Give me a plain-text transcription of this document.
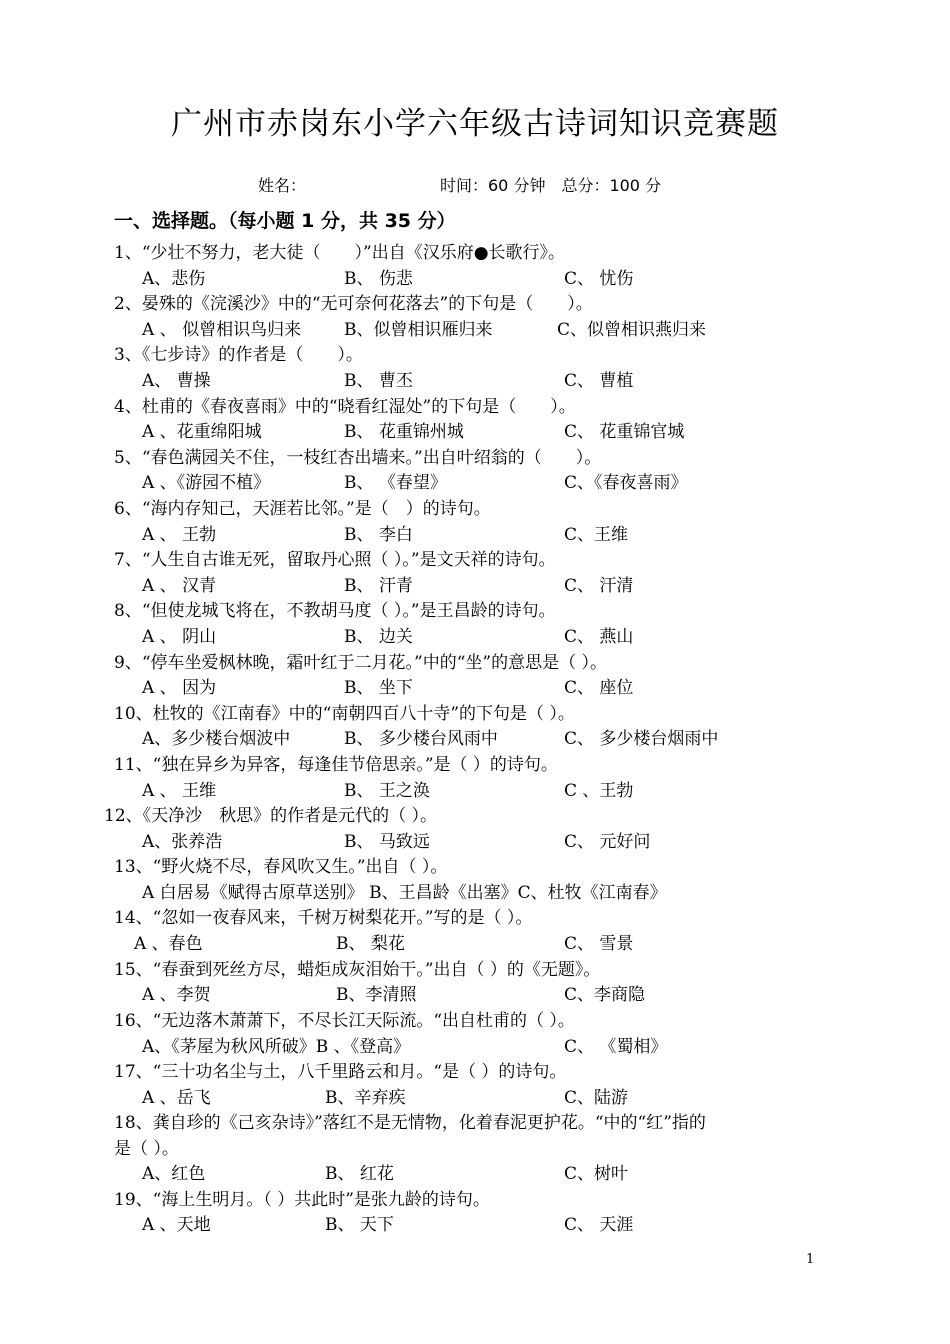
广州市赤岗东小学六年级古诗词知识竞赛题
姓名：	时间：60 分钟　总分：100 分
一、选择题。（每小题 1 分，共 35 分）
1、“少壮不努力，老大徒（　　）”出自《汉乐府●长歌行》。
A、悲伤	B、 伤悲	C、 忧伤
2、晏殊的《浣溪沙》中的“无可奈何花落去”的下句是（　　）。
A 、 似曾相识鸟归来	B、似曾相识雁归来	C、似曾相识燕归来
3、《七步诗》的作者是（　　）。
A、 曹操	B、 曹丕	C、 曹植
4、杜甫的《春夜喜雨》中的“晓看红湿处”的下句是（　　）。
A 、花重绵阳城	B、 花重锦州城	C、 花重锦官城
5、“春色满园关不住，一枝红杏出墙来。”出自叶绍翁的（　　）。
A 、《游园不植》	B、 《春望》	C、《春夜喜雨》
6、“海内存知己，天涯若比邻。”是（　）的诗句。
A 、 王勃	B、 李白	C、王维
7、“人生自古谁无死，留取丹心照（ ）。”是文天祥的诗句。
A 、 汉青	B、 汗青	C、 汗清
8、“但使龙城飞将在，不教胡马度（ ）。”是王昌龄的诗句。
A 、 阴山	B、 边关	C、 燕山
9、“停车坐爱枫林晚，霜叶红于二月花。”中的“坐”的意思是（ ）。
A 、 因为	B、 坐下	C、 座位
10、杜牧的《江南春》中的“南朝四百八十寺”的下句是（ ）。
A、多少楼台烟波中	B、 多少楼台风雨中	C、 多少楼台烟雨中
11、“独在异乡为异客，每逢佳节倍思亲。”是（ ）的诗句。
A 、 王维	B、 王之涣	C 、王勃
12、《天净沙　秋思》的作者是元代的（ ）。
A、张养浩	B、 马致远	C、 元好问
13、“野火烧不尽，春风吹又生。”出自（ ）。
A 白居易《赋得古原草送别》 B、王昌龄《出塞》C、杜牧《江南春》
14、“忽如一夜春风来，千树万树梨花开。”写的是（ ）。
A 、春色	B、 梨花	C、 雪景
15、“春蚕到死丝方尽，蜡炬成灰泪始干。”出自（ ）的《无题》。
A 、李贺	B、李清照	C、李商隐
16、“无边落木萧萧下，不尽长江天际流。“出自杜甫的（ ）。
A、《茅屋为秋风所破》B 、《登高》	C、 《蜀相》
17、“三十功名尘与土，八千里路云和月。“是（ ）的诗句。
A 、岳飞	B、辛弃疾	C、陆游
18、龚自珍的《己亥杂诗》”落红不是无情物，化着春泥更护花。“中的“红”指的
是（ ）。
A、红色	B、 红花	C、树叶
19、“海上生明月。（ ）共此时”是张九龄的诗句。
A 、天地	B、 天下	C、 天涯
1
